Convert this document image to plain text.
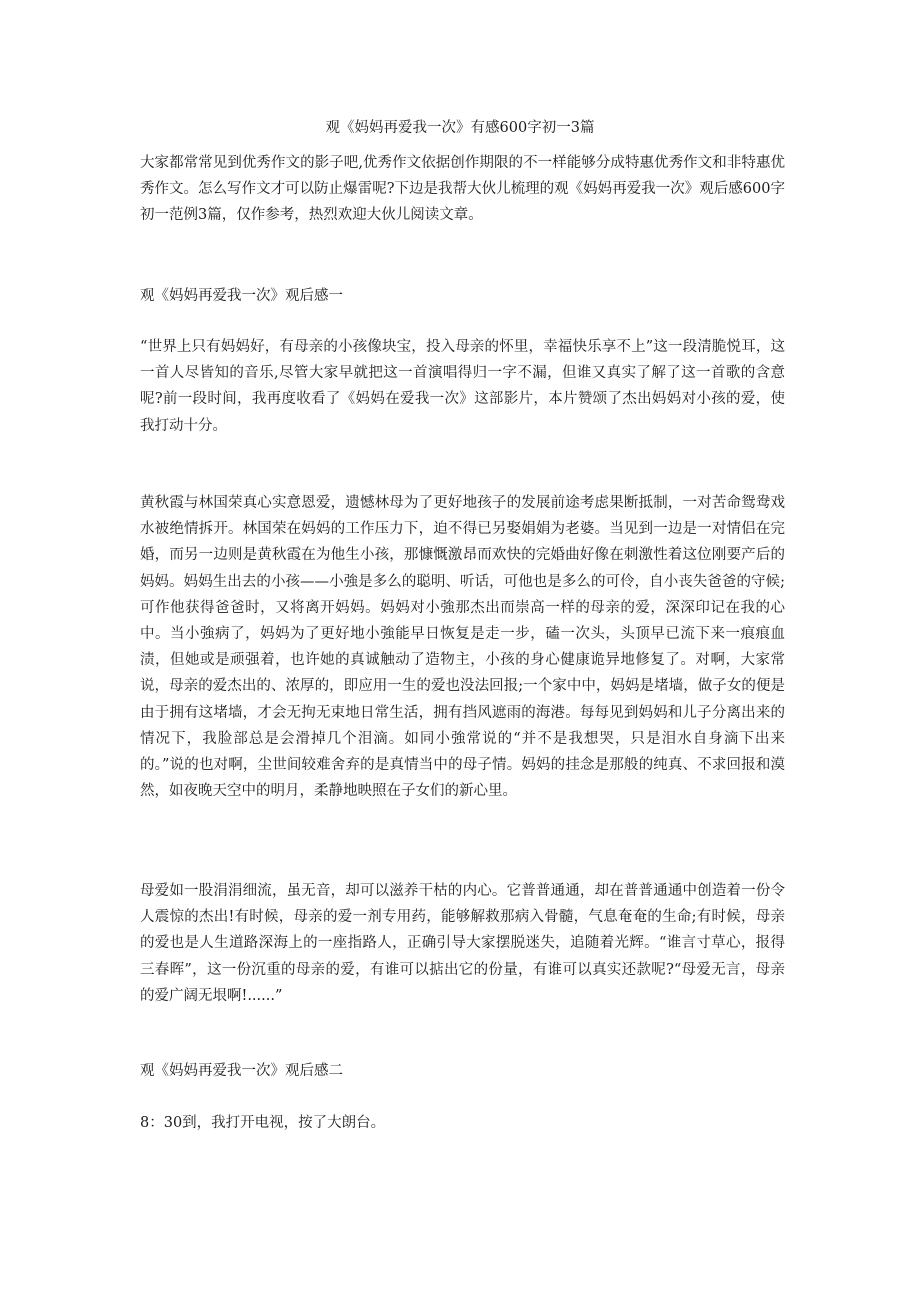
观《妈妈再爱我一次》有感600字初一3篇

大家都常常见到优秀作文的影子吧,优秀作文依据创作期限的不一样能够分成特惠优秀作文和非特惠优秀作文。怎么写作文才可以防止爆雷呢?下边是我帮大伙儿梳理的观《妈妈再爱我一次》观后感600字初一范例3篇，仅作参考，热烈欢迎大伙儿阅读文章。

观《妈妈再爱我一次》观后感一

“世界上只有妈妈好，有母亲的小孩像块宝，投入母亲的怀里，幸福快乐享不上”这一段清脆悦耳，这一首人尽皆知的音乐,尽管大家早就把这一首演唱得归一字不漏，但谁又真实了解了这一首歌的含意呢?前一段时间，我再度收看了《妈妈在爱我一次》这部影片，本片赞颂了杰出妈妈对小孩的爱，使我打动十分。

黄秋霞与林国荣真心实意恩爱，遗憾林母为了更好地孩子的发展前途考虑果断抵制，一对苦命鸳鸯戏水被绝情拆开。林国荣在妈妈的工作压力下，迫不得已另娶娟娟为老婆。当见到一边是一对情侣在完婚，而另一边则是黄秋霞在为他生小孩，那慷慨激昂而欢快的完婚曲好像在刺激性着这位刚要产后的妈妈。妈妈生出去的小孩——小強是多么的聪明、听话，可他也是多么的可伶，自小丧失爸爸的守候;可作他获得爸爸时，又将离开妈妈。妈妈对小強那杰出而崇高一样的母亲的爱，深深印记在我的心中。当小強病了，妈妈为了更好地小強能早日恢复是走一步，磕一次头，头顶早已流下来一痕痕血渍，但她或是顽强着，也许她的真诚触动了造物主，小孩的身心健康诡异地修复了。对啊，大家常说，母亲的爱杰出的、浓厚的，即应用一生的爱也没法回报;一个家中中，妈妈是堵墙，做子女的便是由于拥有这堵墙，才会无拘无束地日常生活，拥有挡风遮雨的海港。每每见到妈妈和儿子分离出来的情况下，我脸部总是会滑掉几个泪滴。如同小強常说的“并不是我想哭，只是泪水自身滴下出来的。”说的也对啊，尘世间较难舍弃的是真情当中的母子情。妈妈的挂念是那般的纯真、不求回报和漠然，如夜晚天空中的明月，柔静地映照在子女们的新心里。

母爱如一股涓涓细流，虽无音，却可以滋养干枯的内心。它普普通通，却在普普通通中创造着一份令人震惊的杰出!有时候，母亲的爱一剂专用药，能够解救那病入骨髓，气息奄奄的生命;有时候，母亲的爱也是人生道路深海上的一座指路人，正确引导大家摆脱迷失，追随着光辉。“谁言寸草心，报得三春晖”，这一份沉重的母亲的爱，有谁可以掂出它的份量，有谁可以真实还款呢?“母爱无言，母亲的爱广阔无垠啊!......”

观《妈妈再爱我一次》观后感二

8：30到，我打开电视，按了大朗台。
